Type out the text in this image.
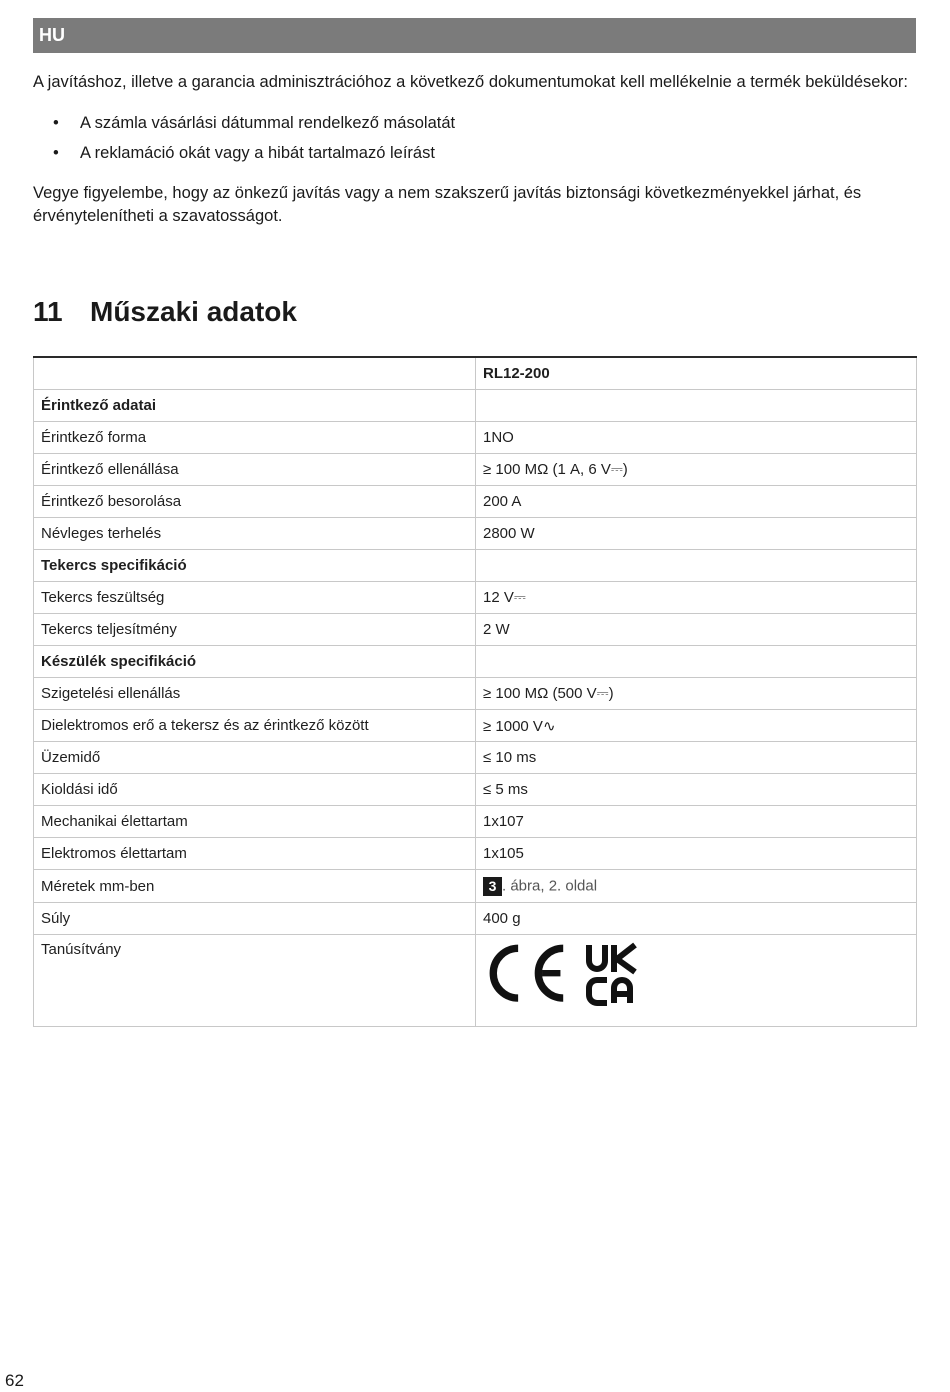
HU

A javításhoz, illetve a garancia adminisztrációhoz a következő dokumentumokat kell mellékelnie a termék beküldésekor:

• A számla vásárlási dátummal rendelkező másolatát
• A reklamáció okát vagy a hibát tartalmazó leírást

Vegye figyelembe, hogy az önkezű javítás vagy a nem szakszerű javítás biztonsági következményekkel járhat, és érvénytelenítheti a szavatosságot.

11 Műszaki adatok
	RL12-200
Érintkező adatai	
Érintkező forma	1NO
Érintkező ellenállása	≥ 100 MΩ (1 A, 6 V⎓)
Érintkező besorolása	200 A
Névleges terhelés	2800 W
Tekercs specifikáció	
Tekercs feszültség	12 V⎓
Tekercs teljesítmény	2 W
Készülék specifikáció	
Szigetelési ellenállás	≥ 100 MΩ (500 V⎓)
Dielektromos erő a tekersz és az érintkező között	≥ 1000 V∿
Üzemidő	≤ 10 ms
Kioldási idő	≤ 5 ms
Mechanikai élettartam	1x107
Elektromos élettartam	1x105
Méretek mm-ben	3 . ábra, 2. oldal
Súly	400 g
Tanúsítvány	
62
